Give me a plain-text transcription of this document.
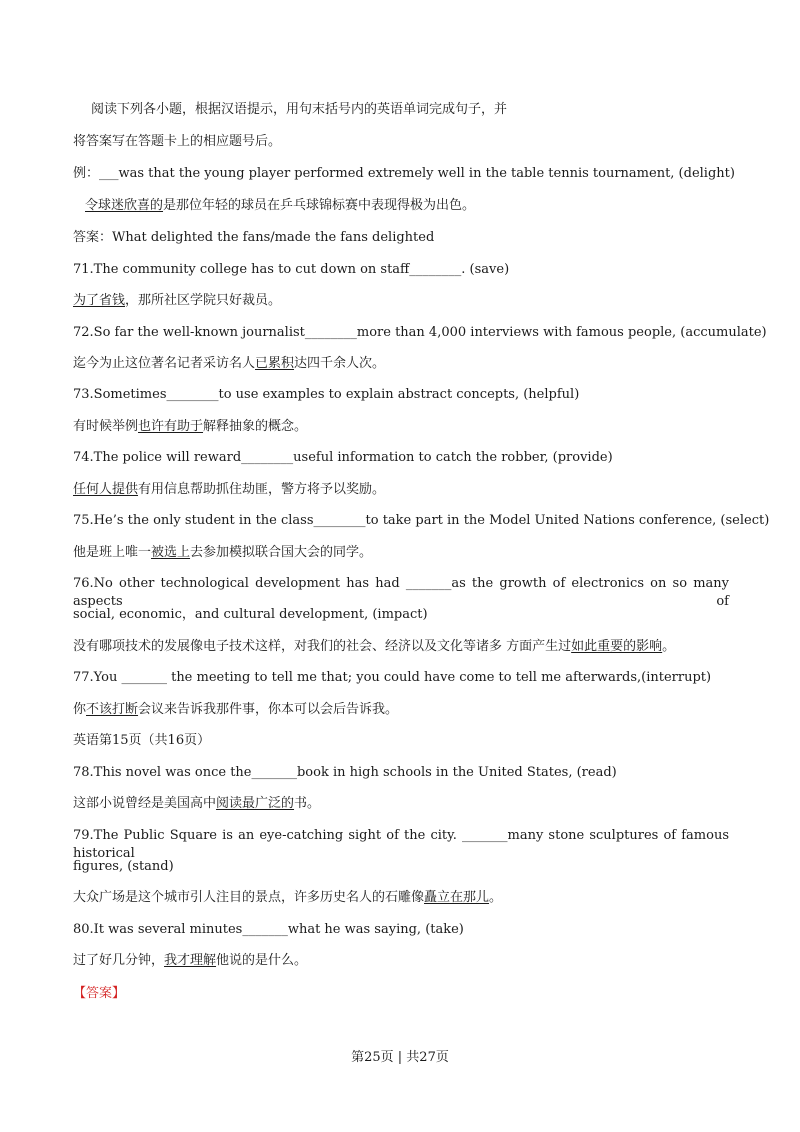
阅读下列各小题，根据汉语提示，用句末括号内的英语单词完成句子，并
将答案写在答题卡上的相应题号后。
例：___was that the young player performed extremely well in the table tennis tournament, (delight)
令球迷欣喜的是那位年轻的球员在乒乓球锦标赛中表现得极为出色。
答案：What delighted the fans/made the fans delighted
71.The community college has to cut down on staff________. (save)
为了省钱，那所社区学院只好裁员。
72.So far the well-known journalist________more than 4,000 interviews with famous people, (accumulate)
迄今为止这位著名记者采访名人已累积达四千余人次。
73.Sometimes________to use examples to explain abstract concepts, (helpful)
有时候举例也许有助于解释抽象的概念。
74.The police will reward________useful information to catch the robber, (provide)
任何人提供有用信息帮助抓住劫匪，警方将予以奖励。
75.He’s the only student in the class________to take part in the Model United Nations conference, (select)
他是班上唯一被选上去参加模拟联合国大会的同学。
76.No other technological development has had _______as the growth of electronics on so many aspects of
social, economic，and cultural development, (impact)
没有哪项技术的发展像电子技术这样，对我们的社会、经济以及文化等诸多 方面产生过如此重要的影响。
77.You _______ the meeting to tell me that; you could have come to tell me afterwards,(interrupt)
你不该打断会议来告诉我那件事，你本可以会后告诉我。
英语第15页（共16页）
78.This novel was once the_______book in high schools in the United States, (read)
这部小说曾经是美国高中阅读最广泛的书。
79.The Public Square is an eye-catching sight of the city. _______many stone sculptures of famous historical
figures, (stand)
大众广场是这个城市引人注目的景点，许多历史名人的石雕像矗立在那儿。
80.It was several minutes_______what he was saying, (take)
过了好几分钟，我才理解他说的是什么。
【答案】
第25页 | 共27页
